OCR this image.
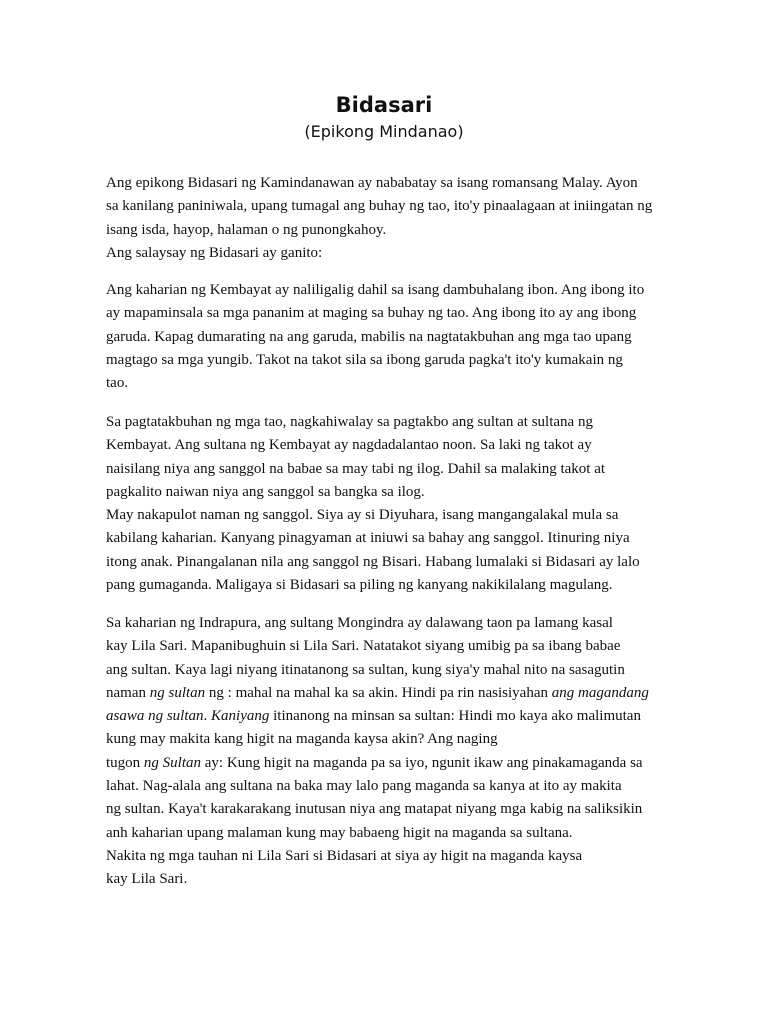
Bidasari
(Epikong Mindanao)

Ang epikong Bidasari ng Kamindanawan ay nababatay sa isang romansang Malay. Ayon
sa kanilang paniniwala, upang tumagal ang buhay ng tao, ito'y pinaalagaan at iniingatan ng
isang isda, hayop, halaman o ng punongkahoy.
Ang salaysay ng Bidasari ay ganito:

Ang kaharian ng Kembayat ay naliligalig dahil sa isang dambuhalang ibon. Ang ibong ito
ay mapaminsala sa mga pananim at maging sa buhay ng tao. Ang ibong ito ay ang ibong
garuda. Kapag dumarating na ang garuda, mabilis na nagtatakbuhan ang mga tao upang
magtago sa mga yungib. Takot na takot sila sa ibong garuda pagka't ito'y kumakain ng
tao.

Sa pagtatakbuhan ng mga tao, nagkahiwalay sa pagtakbo ang sultan at sultana ng
Kembayat. Ang sultana ng Kembayat ay nagdadalantao noon. Sa laki ng takot ay
naisilang niya ang sanggol na babae sa may tabi ng ilog. Dahil sa malaking takot at
pagkalito naiwan niya ang sanggol sa bangka sa ilog.
May nakapulot naman ng sanggol. Siya ay si Diyuhara, isang mangangalakal mula sa
kabilang kaharian. Kanyang pinagyaman at iniuwi sa bahay ang sanggol. Itinuring niya
itong anak. Pinangalanan nila ang sanggol ng Bisari. Habang lumalaki si Bidasari ay lalo
pang gumaganda. Maligaya si Bidasari sa piling ng kanyang nakikilalang magulang.

Sa kaharian ng Indrapura, ang sultang Mongindra ay dalawang taon pa lamang kasal
kay Lila Sari. Mapanibughuin si Lila Sari. Natatakot siyang umibig pa sa ibang babae
ang sultan. Kaya lagi niyang itinatanong sa sultan, kung siya'y mahal nito na sasagutin
naman ng sultan ng : mahal na mahal ka sa akin. Hindi pa rin nasisiyahan ang magandang
asawa ng sultan. Kaniyang itinanong na minsan sa sultan: Hindi mo kaya ako malimutan
kung may makita kang higit na maganda kaysa akin? Ang naging
tugon ng Sultan ay: Kung higit na maganda pa sa iyo, ngunit ikaw ang pinakamaganda sa
lahat. Nag-alala ang sultana na baka may lalo pang maganda sa kanya at ito ay makita
ng sultan. Kaya't karakarakang inutusan niya ang matapat niyang mga kabig na saliksikin
anh kaharian upang malaman kung may babaeng higit na maganda sa sultana.
Nakita ng mga tauhan ni Lila Sari si Bidasari at siya ay higit na maganda kaysa
kay Lila Sari.
